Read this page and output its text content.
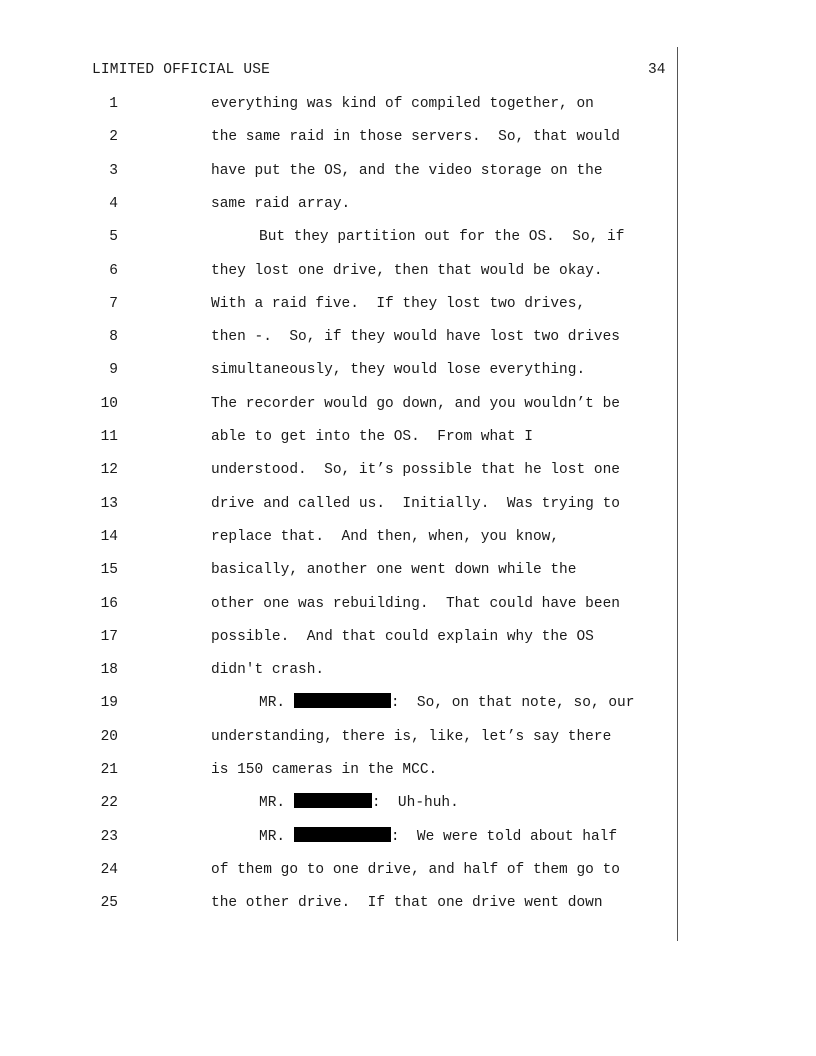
LIMITED OFFICIAL USE	34
1	everything was kind of compiled together, on
2	the same raid in those servers.  So, that would
3	have put the OS, and the video storage on the
4	same raid array.
5	But they partition out for the OS.  So, if
6	they lost one drive, then that would be okay.
7	With a raid five.  If they lost two drives,
8	then -.  So, if they would have lost two drives
9	simultaneously, they would lose everything.
10	The recorder would go down, and you wouldn’t be
11	able to get into the OS.  From what I
12	understood.  So, it’s possible that he lost one
13	drive and called us.  Initially.  Was trying to
14	replace that.  And then, when, you know,
15	basically, another one went down while the
16	other one was rebuilding.  That could have been
17	possible.  And that could explain why the OS
18	didn't crash.
19	MR.	:  So, on that note, so, our
20	understanding, there is, like, let’s say there
21	is 150 cameras in the MCC.
22	MR.	:  Uh-huh.
23	MR.	:  We were told about half
24	of them go to one drive, and half of them go to
25	the other drive.  If that one drive went down
